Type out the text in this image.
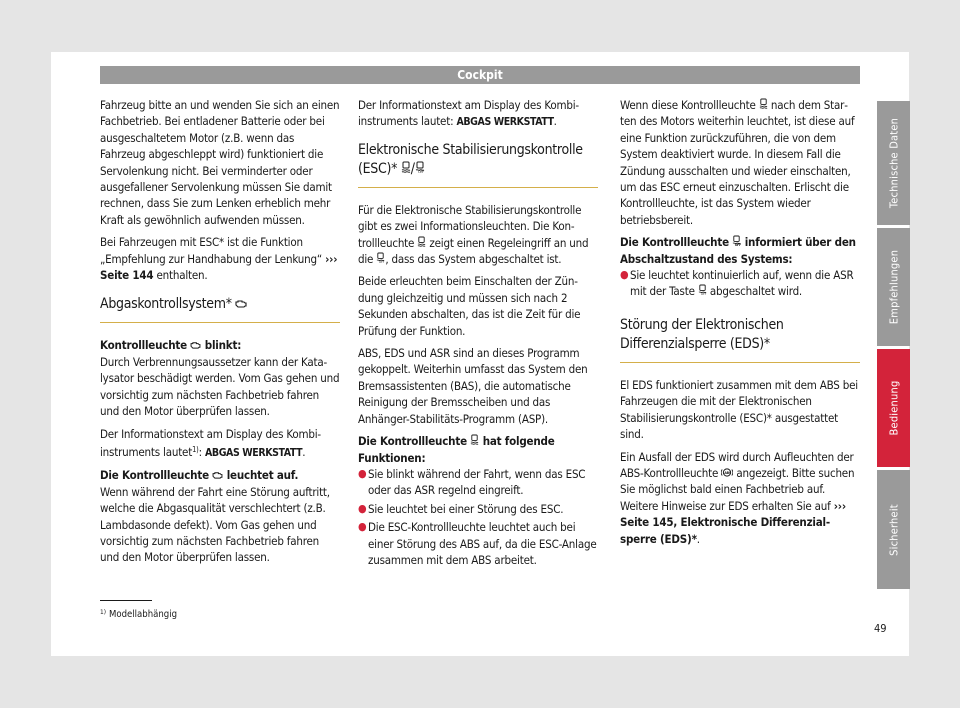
Cockpit

Fahrzeug bitte an und wenden Sie sich an einen Fachbetrieb. Bei entladener Batterie oder bei ausgeschaltetem Motor (z.B. wenn das Fahrzeug abgeschleppt wird) funktioniert die Servolenkung nicht. Bei verminderter oder ausgefallener Servolenkung müssen Sie damit rechnen, dass Sie zum Lenken erheblich mehr Kraft als gewöhnlich aufwenden müssen.

Bei Fahrzeugen mit ESC* ist die Funktion „Empfehlung zur Handhabung der Lenkung“ ››› Seite 144 enthalten.

Abgaskontrollsystem*

Kontrollleuchte blinkt:

Durch Verbrennungsaussetzer kann der Katalysator beschädigt werden. Vom Gas gehen und vorsichtig zum nächsten Fachbetrieb fahren und den Motor überprüfen lassen.

Der Informationstext am Display des Kombiinstruments lautet$^{1)}$: ABGAS WERKSTATT.

Die Kontrollleuchte leuchtet auf.

Wenn während der Fahrt eine Störung auftritt, welche die Abgasqualität verschlechtert (z.B. Lambdasonde defekt). Vom Gas gehen und vorsichtig zum nächsten Fachbetrieb fahren und den Motor überprüfen lassen.

Der Informationstext am Display des Kombiinstruments lautet: ABGAS WERKSTATT.

Elektronische Stabilisierungskontrolle (ESC)* / OFF

Für die Elektronische Stabilisierungskontrolle gibt es zwei Informationsleuchten. Die Kontrollleuchte zeigt einen Regeleingriff an und die OFF , dass das System abgeschaltet ist.

Beide erleuchten beim Einschalten der Zündung gleichzeitig und müssen sich nach 2 Sekunden abschalten, das ist die Zeit für die Prüfung der Funktion.

ABS, EDS und ASR sind an dieses Programm gekoppelt. Weiterhin umfasst das System den Bremsassistenten (BAS), die automatische Reinigung der Bremsscheiben und das Anhänger-Stabilitäts-Programm (ASP).

Die Kontrollleuchte hat folgende Funktionen:

● Sie blinkt während der Fahrt, wenn das ESC oder das ASR regelnd eingreift.
● Sie leuchtet bei einer Störung des ESC.
● Die ESC-Kontrollleuchte leuchtet auch bei einer Störung des ABS auf, da die ESC-Anlage zusammen mit dem ABS arbeitet.

Wenn diese Kontrollleuchte nach dem Starten des Motors weiterhin leuchtet, ist diese auf eine Funktion zurückzuführen, die von dem System deaktiviert wurde. In diesem Fall die Zündung ausschalten und wieder einschalten, um das ESC erneut einzuschalten. Erlischt die Kontrollleuchte, ist das System wieder betriebsbereit.

Die Kontrollleuchte OFF informiert über den Abschaltzustand des Systems:

● Sie leuchtet kontinuierlich auf, wenn die ASR mit der Taste OFF abgeschaltet wird.
Störung der Elektronischen Differenzialsperre (EDS)*

El EDS funktioniert zusammen mit dem ABS bei Fahrzeugen die mit der Elektronischen Stabilisierungskontrolle (ESC)* ausgestattet sind.

Ein Ausfall der EDS wird durch Aufleuchten der ABS-Kontrollleuchte ABS angezeigt. Bitte suchen Sie möglichst bald einen Fachbetrieb auf. Weitere Hinweise zur EDS erhalten Sie auf ››› Seite 145, Elektronische Differenzialsperre (EDS)*.

Technische Daten
Empfehlungen
Bedienung
Sicherheit
$^{1)}$ Modellabhängig
49
